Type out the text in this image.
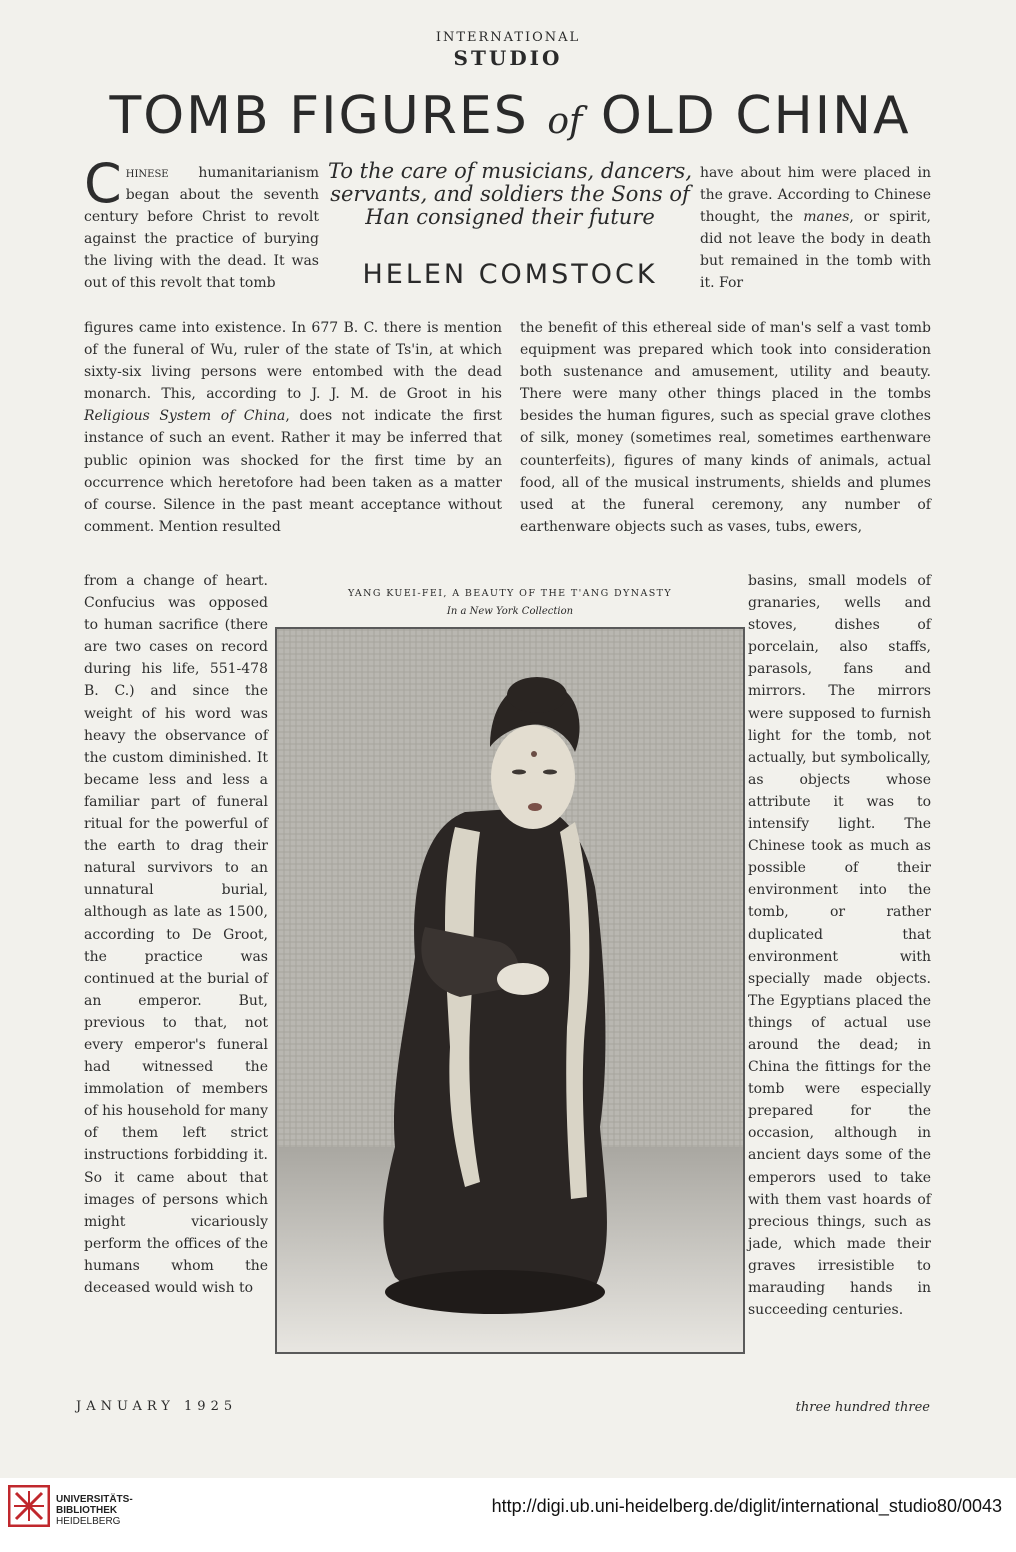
INTERNATIONAL
STUDIO
TOMB FIGURES of OLD CHINA
To the care of musicians, dancers, servants, and soldiers the Sons of Han consigned their future
HELEN COMSTOCK
Chinese humanitarianism began about the seventh century before Christ to revolt against the practice of burying the living with the dead. It was out of this revolt that tomb
figures came into existence. In 677 B. C. there is mention of the funeral of Wu, ruler of the state of Ts'in, at which sixty-six living persons were entombed with the dead monarch. This, according to J. J. M. de Groot in his Religious System of China, does not indicate the first instance of such an event. Rather it may be inferred that public opinion was shocked for the first time by an occurrence which heretofore had been taken as a matter of course. Silence in the past meant acceptance without comment. Mention resulted
from a change of heart. Confucius was opposed to human sacrifice (there are two cases on record during his life, 551-478 B. C.) and since the weight of his word was heavy the observance of the custom diminished. It became less and less a familiar part of funeral ritual for the powerful of the earth to drag their natural survivors to an unnatural burial, although as late as 1500, according to De Groot, the practice was continued at the burial of an emperor. But, previous to that, not every emperor's funeral had witnessed the immolation of members of his household for many of them left strict instructions forbidding it. So it came about that images of persons which might vicariously perform the offices of the humans whom the deceased would wish to
have about him were placed in the grave. According to Chinese thought, the manes, or spirit, did not leave the body in death but remained in the tomb with it. For
the benefit of this ethereal side of man's self a vast tomb equipment was prepared which took into consideration both sustenance and amusement, utility and beauty. There were many other things placed in the tombs besides the human figures, such as special grave clothes of silk, money (sometimes real, sometimes earthenware counterfeits), figures of many kinds of animals, actual food, all of the musical instruments, shields and plumes used at the funeral ceremony, any number of earthenware objects such as vases, tubs, ewers,
basins, small models of granaries, wells and stoves, dishes of porcelain, also staffs, parasols, fans and mirrors. The mirrors were supposed to furnish light for the tomb, not actually, but symbolically, as objects whose attribute it was to intensify light. The Chinese took as much as possible of their environment into the tomb, or rather duplicated that environment with specially made objects. The Egyptians placed the things of actual use around the dead; in China the fittings for the tomb were especially prepared for the occasion, although in ancient days some of the emperors used to take with them vast hoards of precious things, such as jade, which made their graves irresistible to marauding hands in succeeding centuries.
YANG KUEI-FEI, A BEAUTY OF THE T'ANG DYNASTY
In a New York Collection
JANUARY 1925	three hundred three
UNIVERSITÄTS-
BIBLIOTHEK
HEIDELBERG
http://digi.ub.uni-heidelberg.de/diglit/international_studio80/0043
